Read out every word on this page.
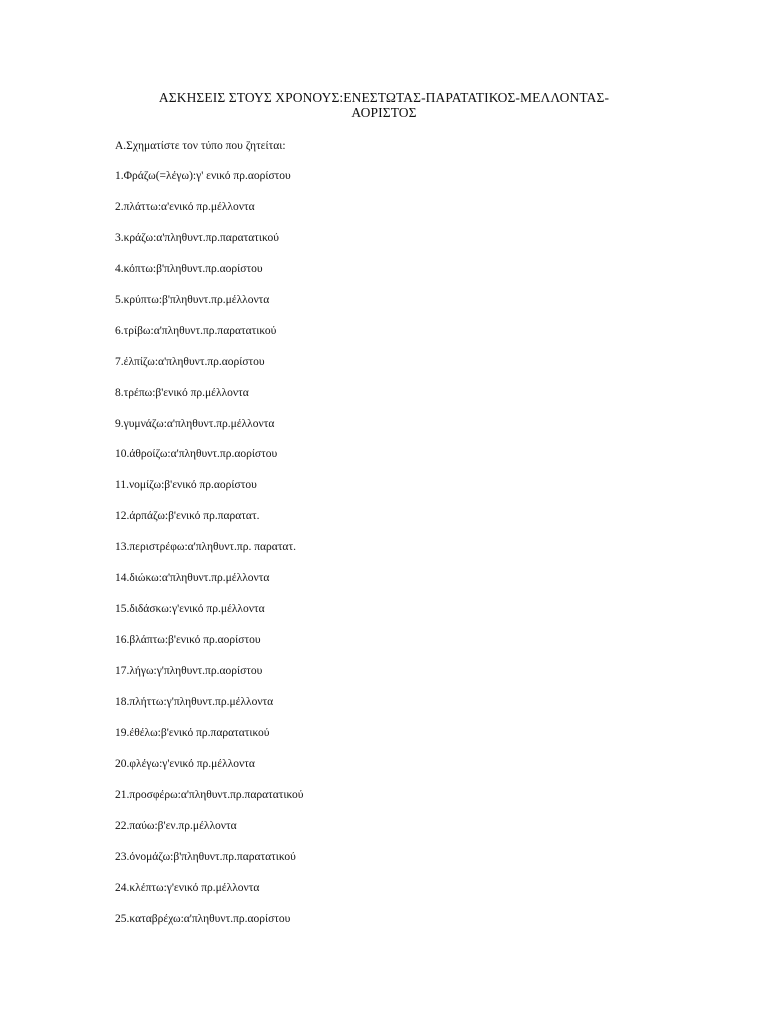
ΑΣΚΗΣΕΙΣ ΣΤΟΥΣ ΧΡΟΝΟΥΣ:ΕΝΕΣΤΩΤΑΣ-ΠΑΡΑΤΑΤΙΚΟΣ-ΜΕΛΛΟΝΤΑΣ-
ΑΟΡΙΣΤΟΣ
Α.Σχηματίστε τον τύπο που ζητείται:
1.Φράζω(=λέγω):γ' ενικό πρ.αορίστου
2.πλάττω:α'ενικό πρ.μέλλοντα
3.κράζω:α'πληθυντ.πρ.παρατατικού
4.κόπτω:β'πληθυντ.πρ.αορίστου
5.κρύπτω:β'πληθυντ.πρ.μέλλοντα
6.τρίβω:α'πληθυντ.πρ.παρατατικού
7.έλπίζω:α'πληθυντ.πρ.αορίστου
8.τρέπω:β'ενικό πρ.μέλλοντα
9.γυμνάζω:α'πληθυντ.πρ.μέλλοντα
10.άθροίζω:α'πληθυντ.πρ.αορίστου
11.νομίζω:β'ενικό πρ.αορίστου
12.άρπάζω:β'ενικό πρ.παρατατ.
13.περιστρέφω:α'πληθυντ.πρ. παρατατ.
14.διώκω:α'πληθυντ.πρ.μέλλοντα
15.διδάσκω:γ'ενικό πρ.μέλλοντα
16.βλάπτω:β'ενικό πρ.αορίστου
17.λήγω:γ'πληθυντ.πρ.αορίστου
18.πλήττω:γ'πληθυντ.πρ.μέλλοντα
19.έθέλω:β'ενικό πρ.παρατατικού
20.φλέγω:γ'ενικό πρ.μέλλοντα
21.προσφέρω:α'πληθυντ.πρ.παρατατικού
22.παύω:β'εν.πρ.μέλλοντα
23.όνομάζω:β'πληθυντ.πρ.παρατατικού
24.κλέπτω:γ'ενικό πρ.μέλλοντα
25.καταβρέχω:α'πληθυντ.πρ.αορίστου
